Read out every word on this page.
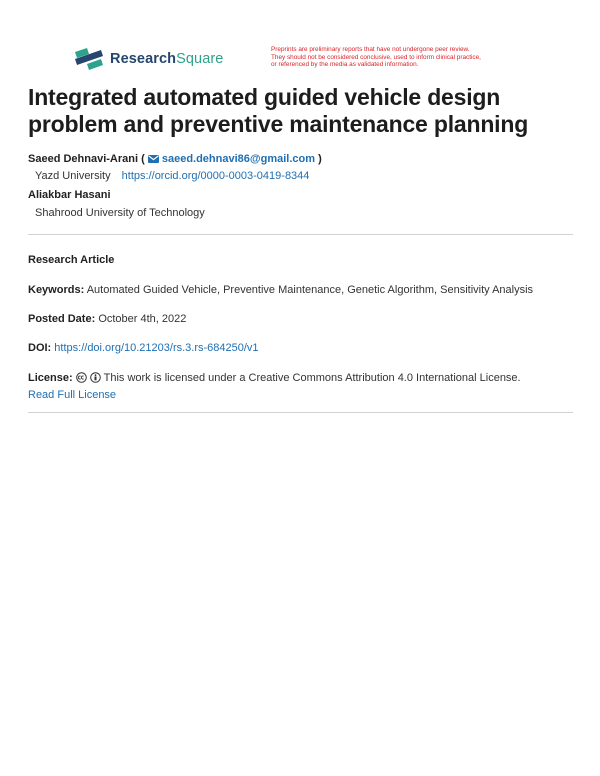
ResearchSquare
Preprints are preliminary reports that have not undergone peer review.
They should not be considered conclusive, used to inform clinical practice,
or referenced by the media as validated information.
Integrated automated guided vehicle design problem and preventive maintenance planning
Saeed Dehnavi-Arani ( saeed.dehnavi86@gmail.com )
Yazd University https://orcid.org/0000-0003-0419-8344
Aliakbar Hasani
Shahrood University of Technology
Research Article
Keywords: Automated Guided Vehicle, Preventive Maintenance, Genetic Algorithm, Sensitivity Analysis
Posted Date: October 4th, 2022
DOI: https://doi.org/10.21203/rs.3.rs-684250/v1
License:	This work is licensed under a Creative Commons Attribution 4.0 International License.
Read Full License
